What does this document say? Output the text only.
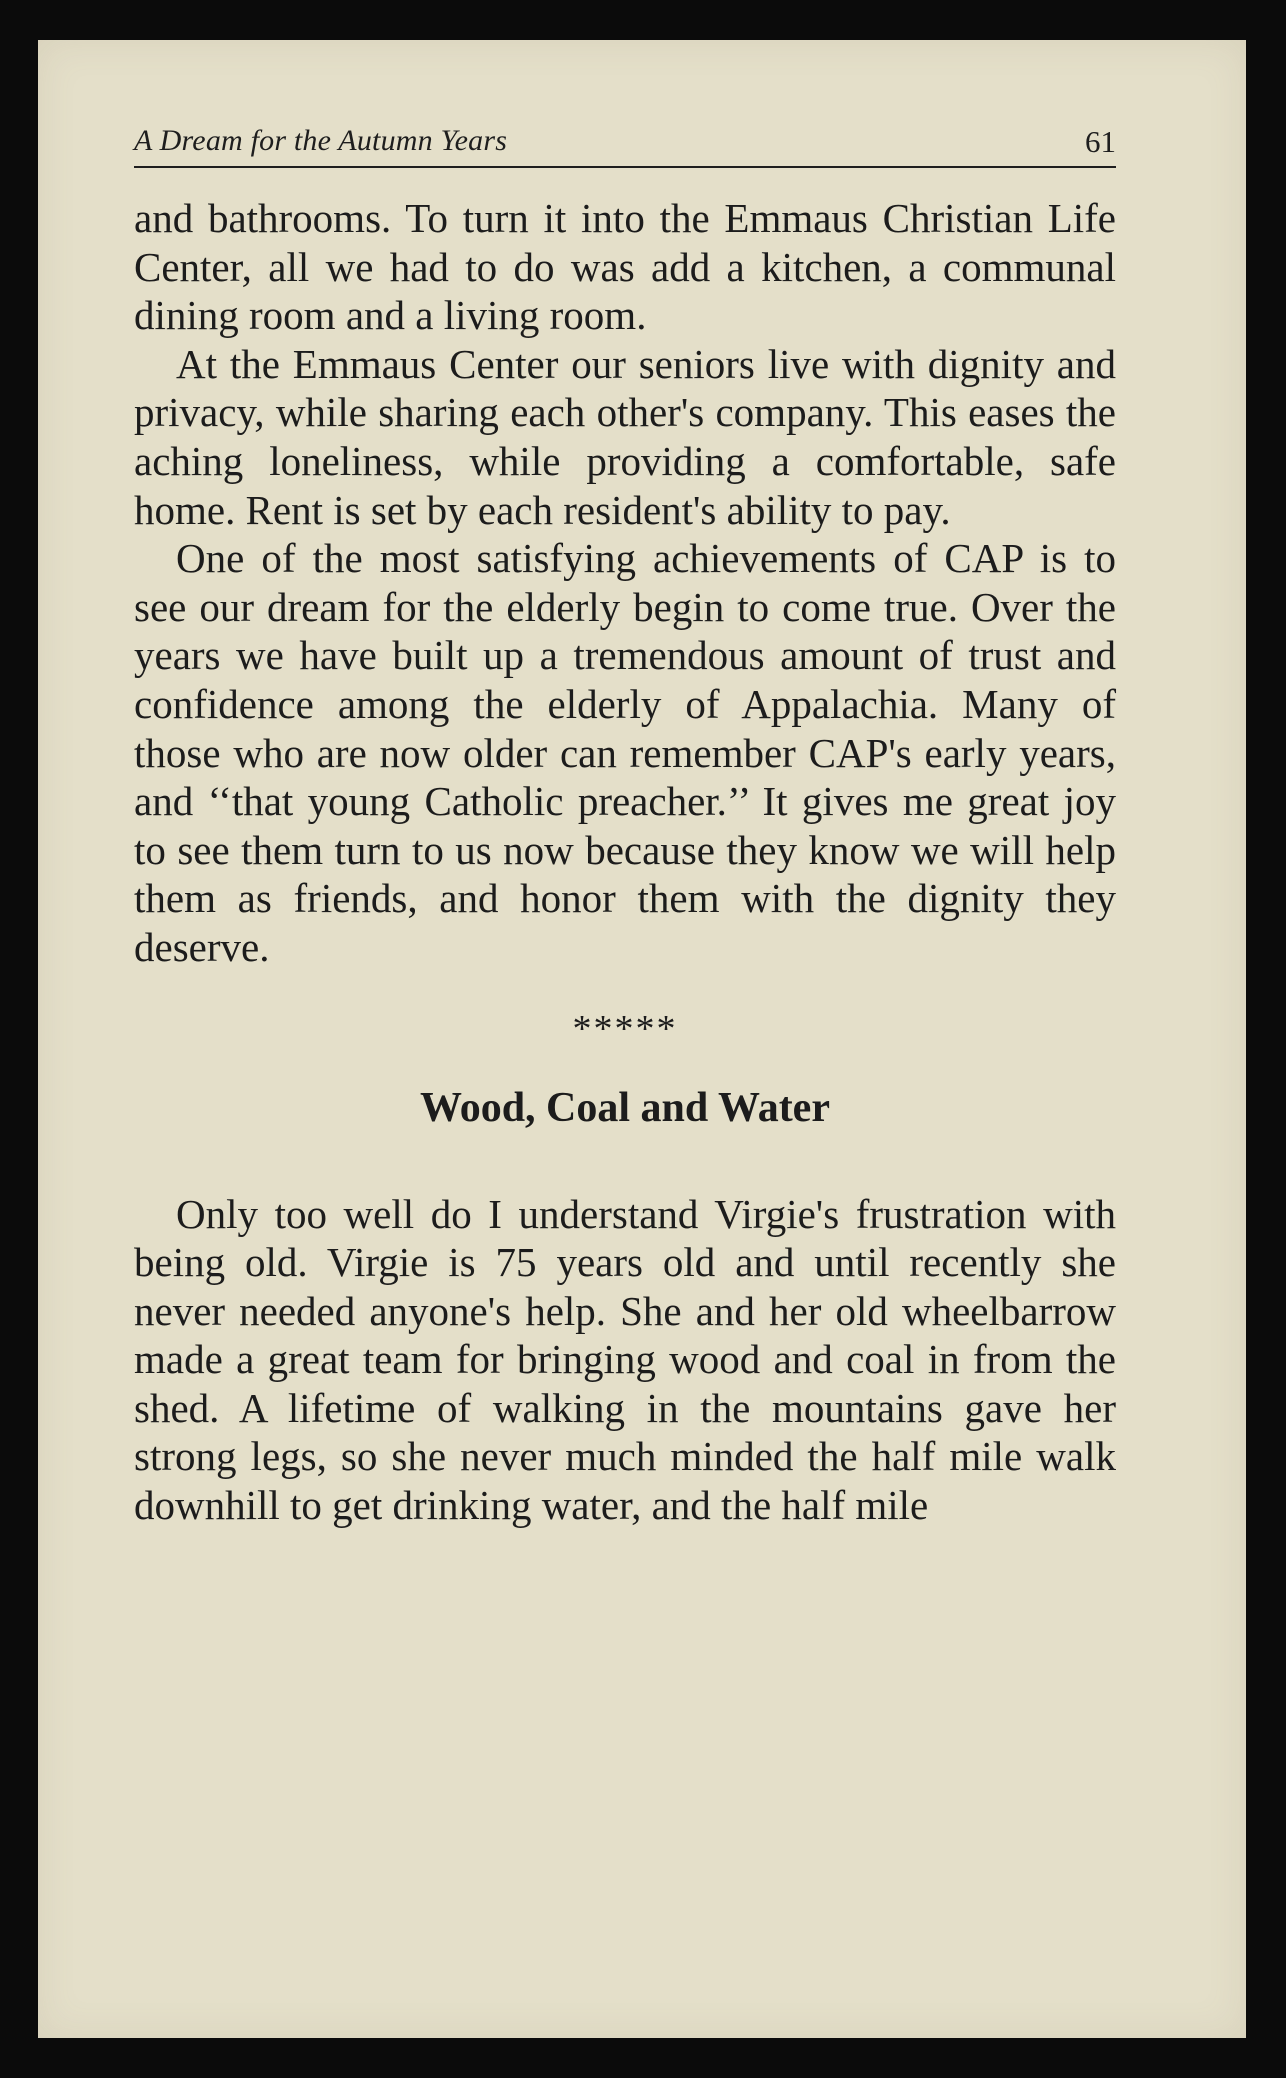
A Dream for the Autumn Years	61

and bathrooms. To turn it into the Emmaus Christian Life Center, all we had to do was add a kitchen, a communal dining room and a living room.

At the Emmaus Center our seniors live with dignity and privacy, while sharing each other's company. This eases the aching loneliness, while providing a comfortable, safe home. Rent is set by each resident's ability to pay.

One of the most satisfying achievements of CAP is to see our dream for the elderly begin to come true. Over the years we have built up a tremendous amount of trust and confidence among the elderly of Appalachia. Many of those who are now older can remember CAP's early years, and ‘‘that young Catholic preacher.’’ It gives me great joy to see them turn to us now because they know we will help them as friends, and honor them with the dignity they deserve.

*****
Wood, Coal and Water

Only too well do I understand Virgie's frustration with being old. Virgie is 75 years old and until recently she never needed anyone's help. She and her old wheelbarrow made a great team for bringing wood and coal in from the shed. A lifetime of walking in the mountains gave her strong legs, so she never much minded the half mile walk downhill to get drinking water, and the half mile
